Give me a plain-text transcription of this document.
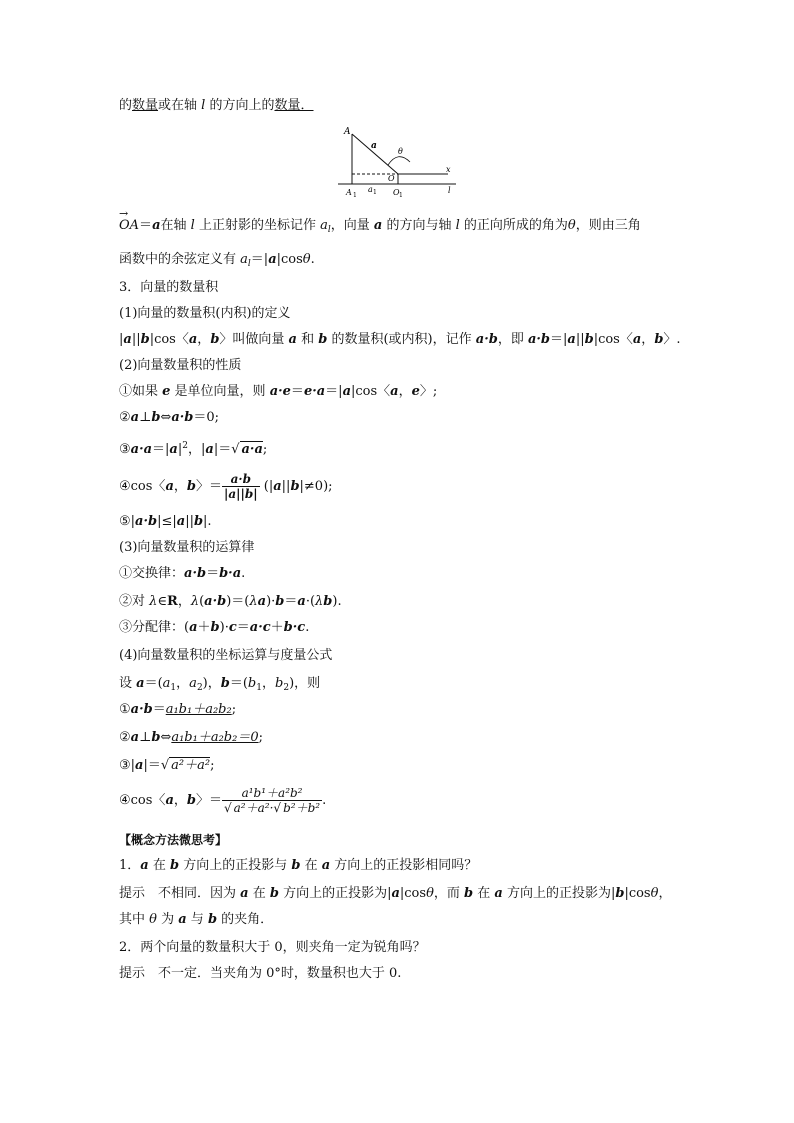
的数量或在轴 l 的方向上的数量．
A
a
θ
O
x
l
A 1
a 1 O 1
→ OA＝a在轴 l 上正射影的坐标记作 $a_l$，向量 a 的方向与轴 l 的正向所成的角为θ，则由三角
函数中的余弦定义有 $a_l=|a|\cos\theta$.
3．向量的数量积
(1)向量的数量积(内积)的定义
|a||b|cos〈a，b〉叫做向量 a 和 b 的数量积(或内积)，记作 a·b，即 a·b＝|a||b|cos〈a，b〉.
(2)向量数量积的性质
①如果 e 是单位向量，则 a·e＝e·a＝|a|cos〈a，e〉;
②a⊥b⇔a·b＝0;
$③a\cdot a=|a|^2$，|a|＝√ a·a;
④cos〈a，b〉＝ $\frac{a\cdot b}{|a||b|} (|a||b|\ne 0)$;
⑤|a·b|≤|a||b|.
(3)向量数量积的运算律
①交换律：a·b＝b·a.
②对 λ∈R，λ(a·b)＝(λa)·b＝a·(λb).
③分配律：(a＋b)·c＝a·c＋b·c.
(4)向量数量积的坐标运算与度量公式
设 $a=(a_1$，$a_2$)，$b=(b_1$，$b_2$)，则
①a·b＝a₁b₁＋a₂b₂;
②a⊥b⇔a₁b₁＋a₂b₂＝0;
③|a|＝√ a²＋a²;
④cos〈a，b〉＝ $\frac{\text{a¹b¹＋a²b²}}{\text{√ a²＋a²·√ b²＋b²}}$ .
【概念方法微思考】
1．a 在 b 方向上的正投影与 b 在 a 方向上的正投影相同吗？
提示　不相同．因为 a 在 b 方向上的正投影为|a|cosθ，而 b 在 a 方向上的正投影为|b|cosθ，
其中 θ 为 a 与 b 的夹角．
2．两个向量的数量积大于 0，则夹角一定为锐角吗？
提示　不一定．当夹角为 0°时，数量积也大于 0.
